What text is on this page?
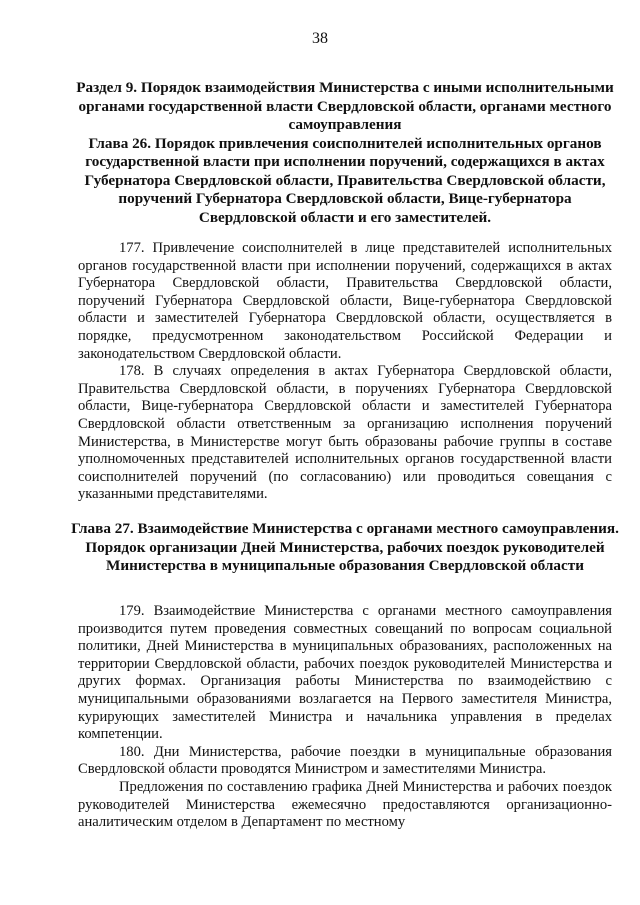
38

Раздел 9. Порядок взаимодействия Министерства с иными исполнительными органами государственной власти Свердловской области, органами местного самоуправления

Глава 26. Порядок привлечения соисполнителей исполнительных органов государственной власти при исполнении поручений, содержащихся в актах Губернатора Свердловской области, Правительства Свердловской области, поручений Губернатора Свердловской области, Вице-губернатора Свердловской области и его заместителей.

177. Привлечение соисполнителей в лице представителей исполнительных органов государственной власти при исполнении поручений, содержащихся в актах Губернатора Свердловской области, Правительства Свердловской области, поручений Губернатора Свердловской области, Вице-губернатора Свердловской области и заместителей Губернатора Свердловской области, осуществляется в порядке, предусмотренном законодательством Российской Федерации и законодательством Свердловской области.

178. В случаях определения в актах Губернатора Свердловской области, Правительства Свердловской области, в поручениях Губернатора Свердловской области, Вице-губернатора Свердловской области и заместителей Губернатора Свердловской области ответственным за организацию исполнения поручений Министерства, в Министерстве могут быть образованы рабочие группы в составе уполномоченных представителей исполнительных органов государственной власти соисполнителей поручений (по согласованию) или проводиться совещания с указанными представителями.

Глава 27. Взаимодействие Министерства с органами местного самоуправления. Порядок организации Дней Министерства, рабочих поездок руководителей Министерства в муниципальные образования Свердловской области

179. Взаимодействие Министерства с органами местного самоуправления производится путем проведения совместных совещаний по вопросам социальной политики, Дней Министерства в муниципальных образованиях, расположенных на территории Свердловской области, рабочих поездок руководителей Министерства и других формах. Организация работы Министерства по взаимодействию с муниципальными образованиями возлагается на Первого заместителя Министра, курирующих заместителей Министра и начальника управления в пределах компетенции.

180. Дни Министерства, рабочие поездки в муниципальные образования Свердловской области проводятся Министром и заместителями Министра.

Предложения по составлению графика Дней Министерства и рабочих поездок руководителей Министерства ежемесячно предоставляются организационно-аналитическим отделом в Департамент по местному
